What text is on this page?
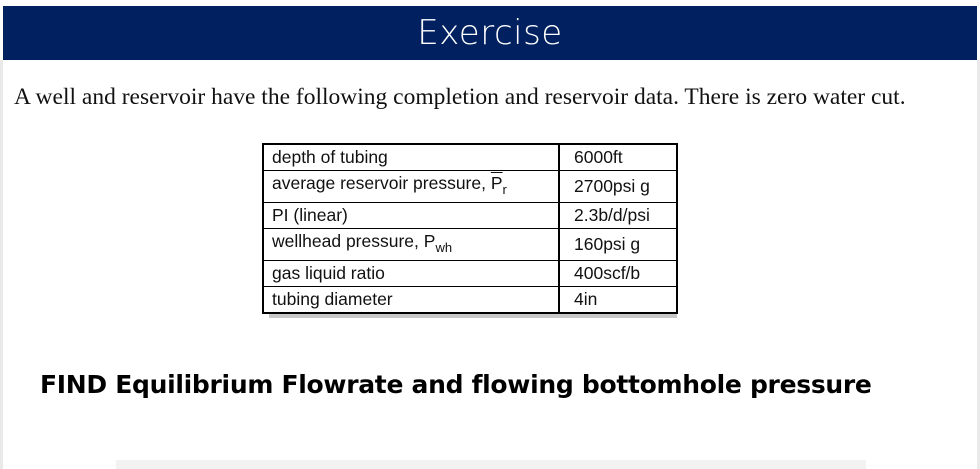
Exercise
A well and reservoir have the following completion and reservoir data. There is zero water cut.
depth of tubing	6000ft
average reservoir pressure, $\overline{P}_r$	2700psi g
PI (linear)	2.3b/d/psi
wellhead pressure, $P_{wh}$	160psi g
gas liquid ratio	400scf/b
tubing diameter	4in
FIND Equilibrium Flowrate and flowing bottomhole pressure
